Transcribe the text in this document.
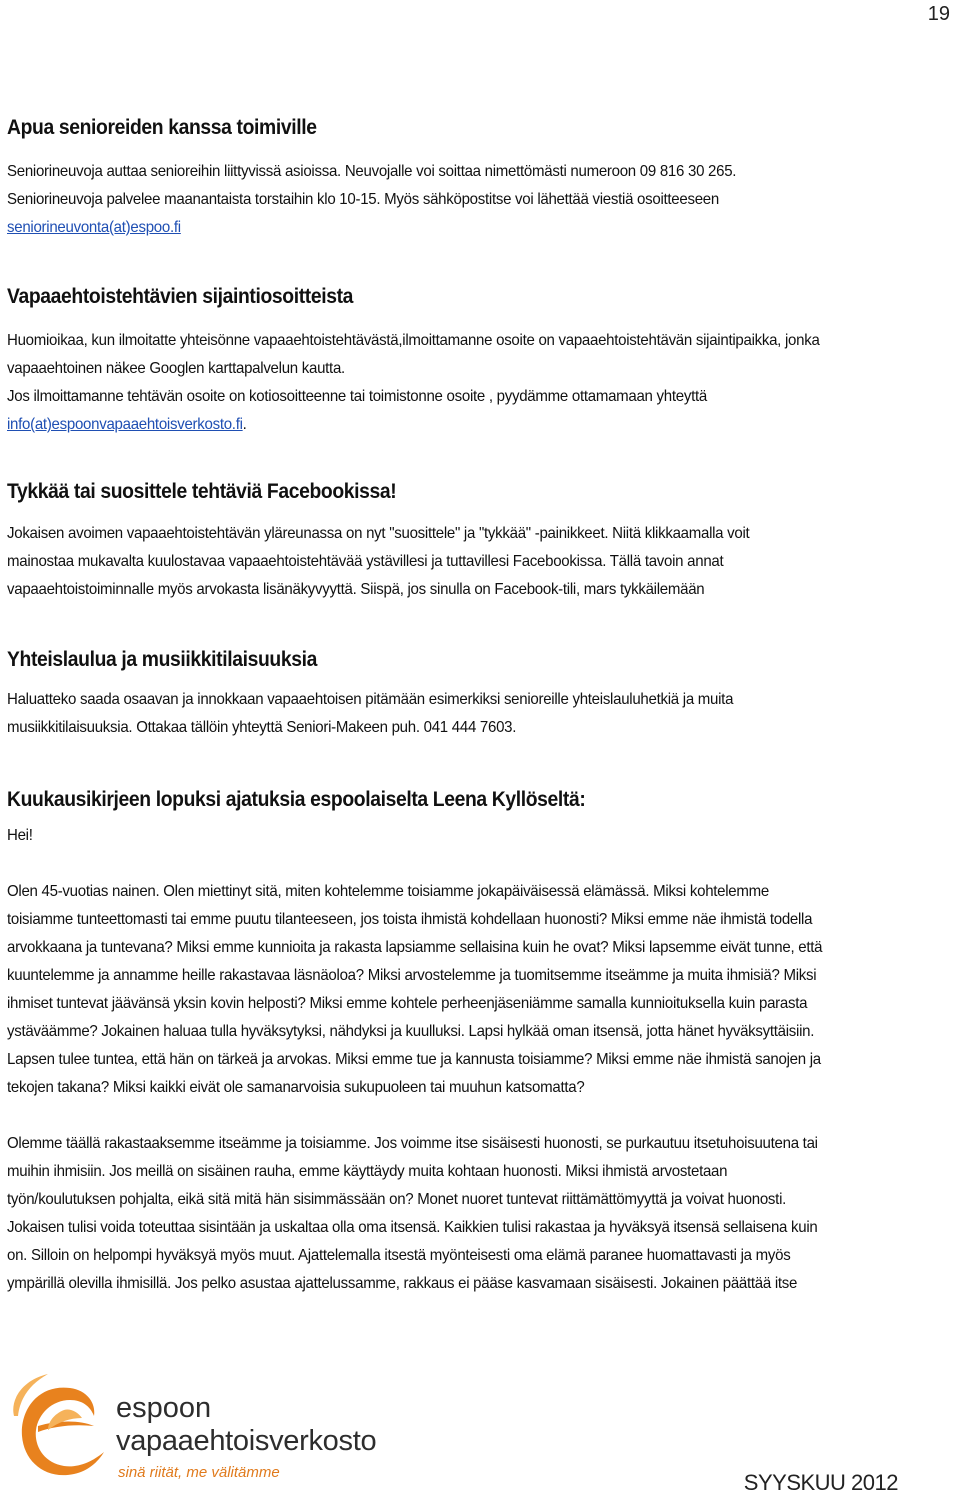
19
Apua senioreiden kanssa toimiville

Seniorineuvoja auttaa senioreihin liittyvissä asioissa. Neuvojalle voi soittaa nimettömästi numeroon 09 816 30 265.

Seniorineuvoja palvelee maanantaista torstaihin klo 10-15. Myös sähköpostitse voi lähettää viestiä osoitteeseen

seniorineuvonta(at)espoo.fi

Vapaaehtoistehtävien sijaintiosoitteista

Huomioikaa, kun ilmoitatte yhteisönne vapaaehtoistehtävästä,ilmoittamanne osoite on vapaaehtoistehtävän sijaintipaikka, jonka

vapaaehtoinen näkee Googlen karttapalvelun kautta.

Jos ilmoittamanne tehtävän osoite on kotiosoitteenne tai toimistonne osoite , pyydämme ottamamaan yhteyttä

info(at)espoonvapaaehtoisverkosto.fi.

Tykkää tai suosittele tehtäviä Facebookissa!

Jokaisen avoimen vapaaehtoistehtävän yläreunassa on nyt "suosittele" ja "tykkää" -painikkeet. Niitä klikkaamalla voit

mainostaa mukavalta kuulostavaa vapaaehtoistehtävää ystävillesi ja tuttavillesi Facebookissa. Tällä tavoin annat

vapaaehtoistoiminnalle myös arvokasta lisänäkyvyyttä. Siispä, jos sinulla on Facebook-tili, mars tykkäilemään

Yhteislaulua ja musiikkitilaisuuksia

Haluatteko saada osaavan ja innokkaan vapaaehtoisen pitämään esimerkiksi senioreille yhteislauluhetkiä ja muita

musiikkitilaisuuksia. Ottakaa tällöin yhteyttä Seniori-Makeen puh. 041 444 7603.

Kuukausikirjeen lopuksi ajatuksia espoolaiselta Leena Kyllöseltä:

Hei!

Olen 45-vuotias nainen. Olen miettinyt sitä, miten kohtelemme toisiamme jokapäiväisessä elämässä. Miksi kohtelemme

toisiamme tunteettomasti tai emme puutu tilanteeseen, jos toista ihmistä kohdellaan huonosti? Miksi emme näe ihmistä todella

arvokkaana ja tuntevana? Miksi emme kunnioita ja rakasta lapsiamme sellaisina kuin he ovat? Miksi lapsemme eivät tunne, että

kuuntelemme ja annamme heille rakastavaa läsnäoloa? Miksi arvostelemme ja tuomitsemme itseämme ja muita ihmisiä? Miksi

ihmiset tuntevat jäävänsä yksin kovin helposti? Miksi emme kohtele perheenjäseniämme samalla kunnioituksella kuin parasta

ystäväämme? Jokainen haluaa tulla hyväksytyksi, nähdyksi ja kuulluksi. Lapsi hylkää oman itsensä, jotta hänet hyväksyttäisiin.

Lapsen tulee tuntea, että hän on tärkeä ja arvokas. Miksi emme tue ja kannusta toisiamme? Miksi emme näe ihmistä sanojen ja

tekojen takana? Miksi kaikki eivät ole samanarvoisia sukupuoleen tai muuhun katsomatta?

Olemme täällä rakastaaksemme itseämme ja toisiamme. Jos voimme itse sisäisesti huonosti, se purkautuu itsetuhoisuutena tai

muihin ihmisiin. Jos meillä on sisäinen rauha, emme käyttäydy muita kohtaan huonosti. Miksi ihmistä arvostetaan

työn/koulutuksen pohjalta, eikä sitä mitä hän sisimmässään on? Monet nuoret tuntevat riittämättömyyttä ja voivat huonosti.

Jokaisen tulisi voida toteuttaa sisintään ja uskaltaa olla oma itsensä. Kaikkien tulisi rakastaa ja hyväksyä itsensä sellaisena kuin

on. Silloin on helpompi hyväksyä myös muut. Ajattelemalla itsestä myönteisesti oma elämä paranee huomattavasti ja myös

ympärillä olevilla ihmisillä. Jos pelko asustaa ajattelussamme, rakkaus ei pääse kasvamaan sisäisesti. Jokainen päättää itse

espoon
vapaaehtoisverkosto
sinä riität, me välitämme	SYYSKUU 2012
